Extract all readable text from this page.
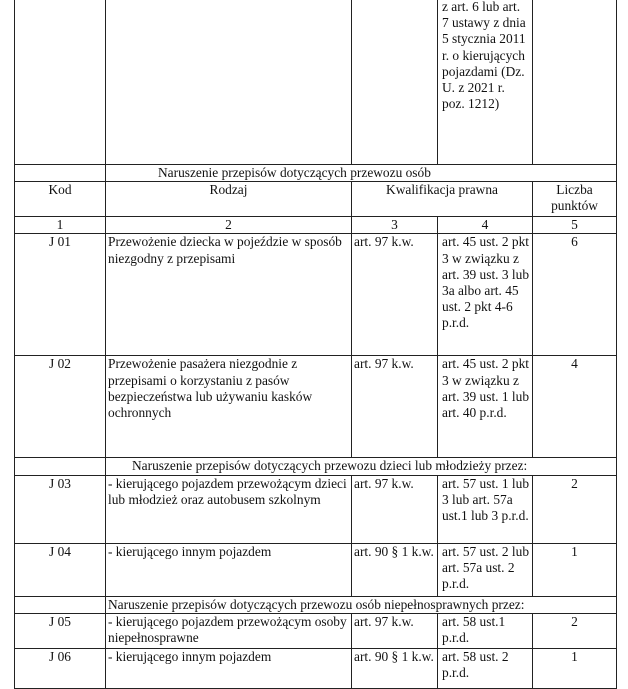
			z art. 6 lub art. 7 ustawy z dnia 5 stycznia 2011 r. o kierujących pojazdami (Dz. U. z 2021 r. poz. 1212)	
	Naruszenie przepisów dotyczących przewozu osób			
Kod	Rodzaj	Kwalifikacja prawna		Liczba punktów
1	2	3	4	5
J 01	Przewożenie dziecka w pojeździe w sposób niezgodny z przepisami	art. 97 k.w.	art. 45 ust. 2 pkt 3 w związku z art. 39 ust. 3 lub 3a albo art. 45 ust. 2 pkt 4-6 p.r.d.	6
J 02	Przewożenie pasażera niezgodnie z przepisami o korzystaniu z pasów bezpieczeństwa lub używaniu kasków ochronnych	art. 97 k.w.	art. 45 ust. 2 pkt 3 w związku z art. 39 ust. 1 lub art. 40 p.r.d.	4
	Naruszenie przepisów dotyczących przewozu dzieci lub młodzieży przez:			
J 03	- kierującego pojazdem przewożącym dzieci lub młodzież oraz autobusem szkolnym	art. 97 k.w.	art. 57 ust. 1 lub 3 lub art. 57a ust.1 lub 3 p.r.d.	2
J 04	- kierującego innym pojazdem	art. 90 § 1 k.w.	art. 57 ust. 2 lub art. 57a ust. 2 p.r.d.	1
	Naruszenie przepisów dotyczących przewozu osób niepełnosprawnych przez:			
J 05	- kierującego pojazdem przewożącym osoby niepełnosprawne	art. 97 k.w.	art. 58 ust.1 p.r.d.	2
J 06	- kierującego innym pojazdem	art. 90 § 1 k.w.	art. 58 ust. 2 p.r.d.	1
